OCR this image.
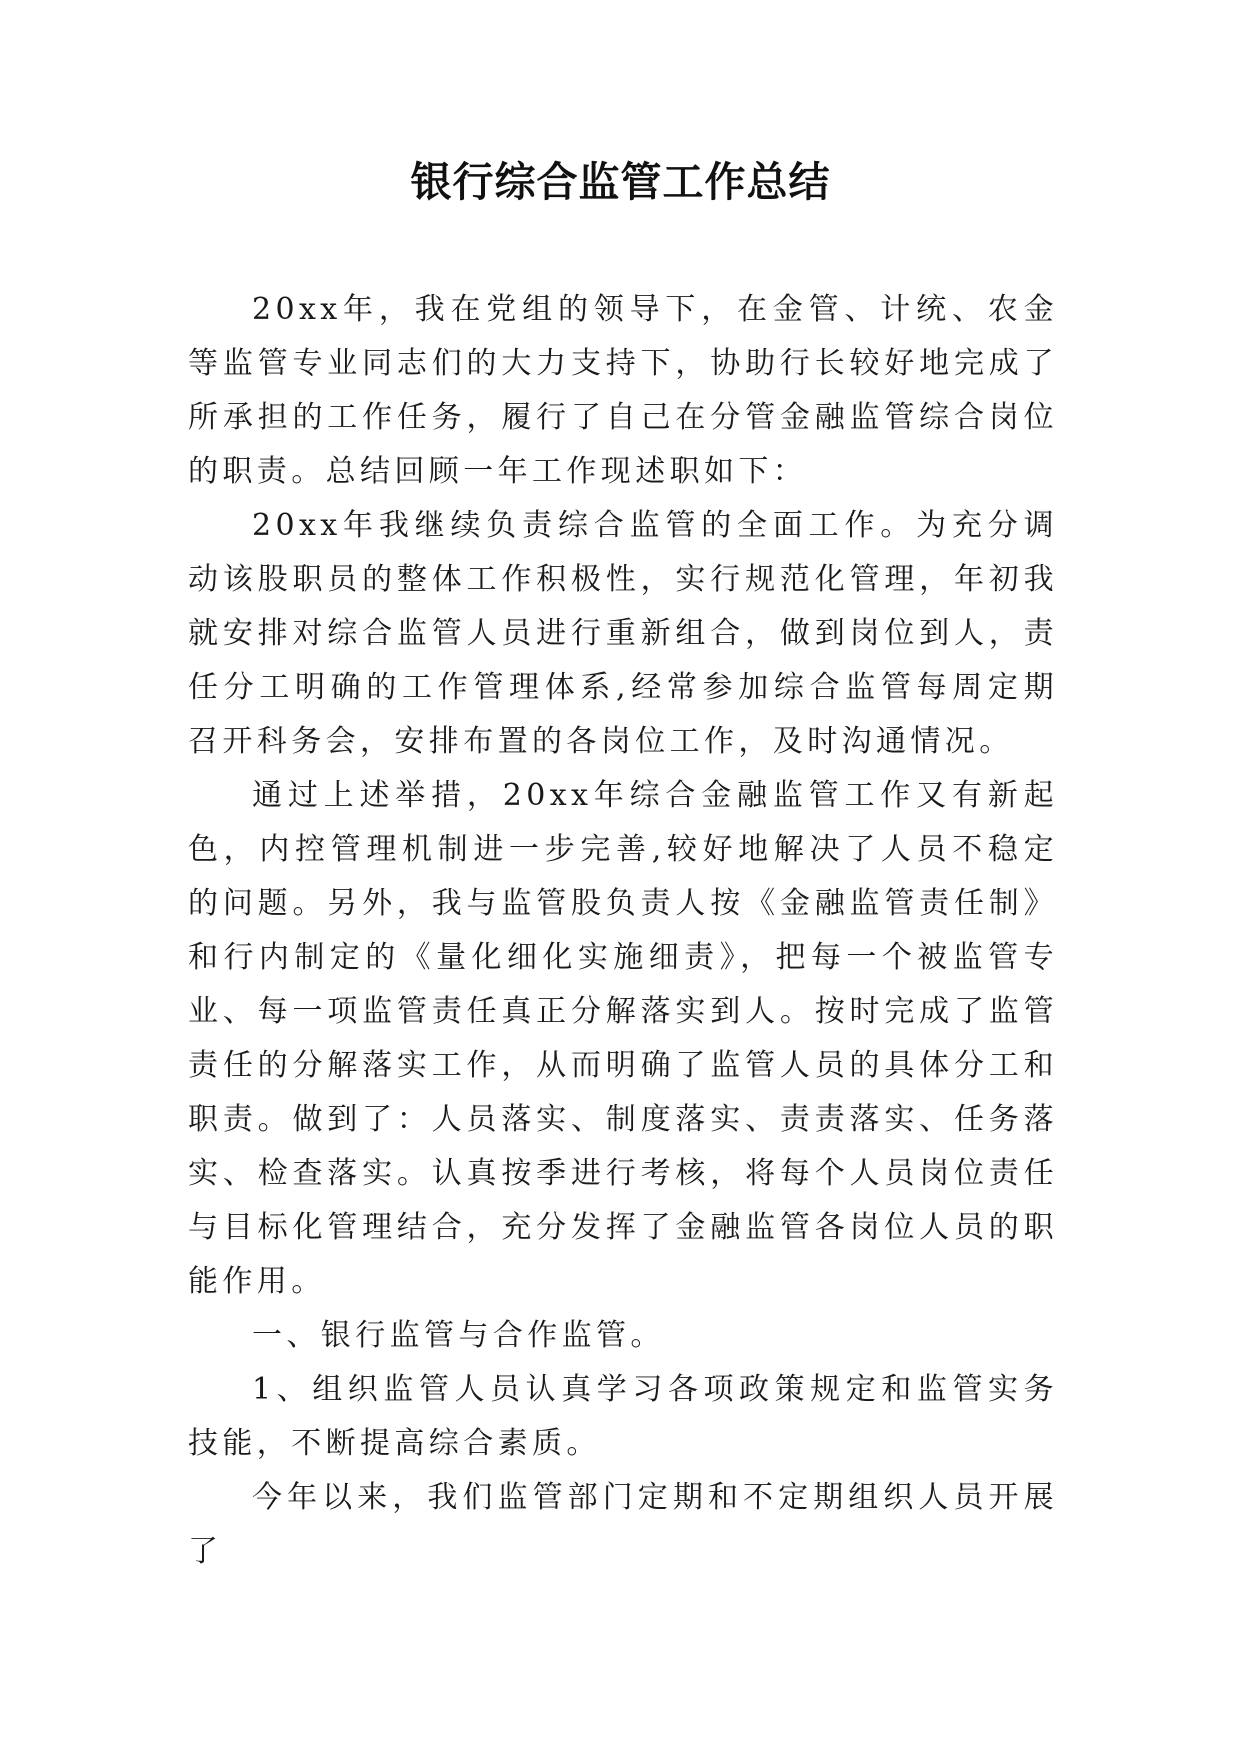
银行综合监管工作总结

20xx年，我在党组的领导下，在金管、计统、农金等监管专业同志们的大力支持下，协助行长较好地完成了所承担的工作任务，履行了自己在分管金融监管综合岗位的职责。总结回顾一年工作现述职如下：

20xx年我继续负责综合监管的全面工作。为充分调动该股职员的整体工作积极性，实行规范化管理，年初我就安排对综合监管人员进行重新组合，做到岗位到人，责任分工明确的工作管理体系,经常参加综合监管每周定期召开科务会，安排布置的各岗位工作，及时沟通情况。

通过上述举措，20xx年综合金融监管工作又有新起色，内控管理机制进一步完善,较好地解决了人员不稳定的问题。另外，我与监管股负责人按《金融监管责任制》和行内制定的《量化细化实施细责》，把每一个被监管专业、每一项监管责任真正分解落实到人。按时完成了监管责任的分解落实工作，从而明确了监管人员的具体分工和职责。做到了：人员落实、制度落实、责责落实、任务落实、检查落实。认真按季进行考核，将每个人员岗位责任与目标化管理结合，充分发挥了金融监管各岗位人员的职能作用。

一、银行监管与合作监管。

1、组织监管人员认真学习各项政策规定和监管实务技能，不断提高综合素质。

今年以来，我们监管部门定期和不定期组织人员开展了
